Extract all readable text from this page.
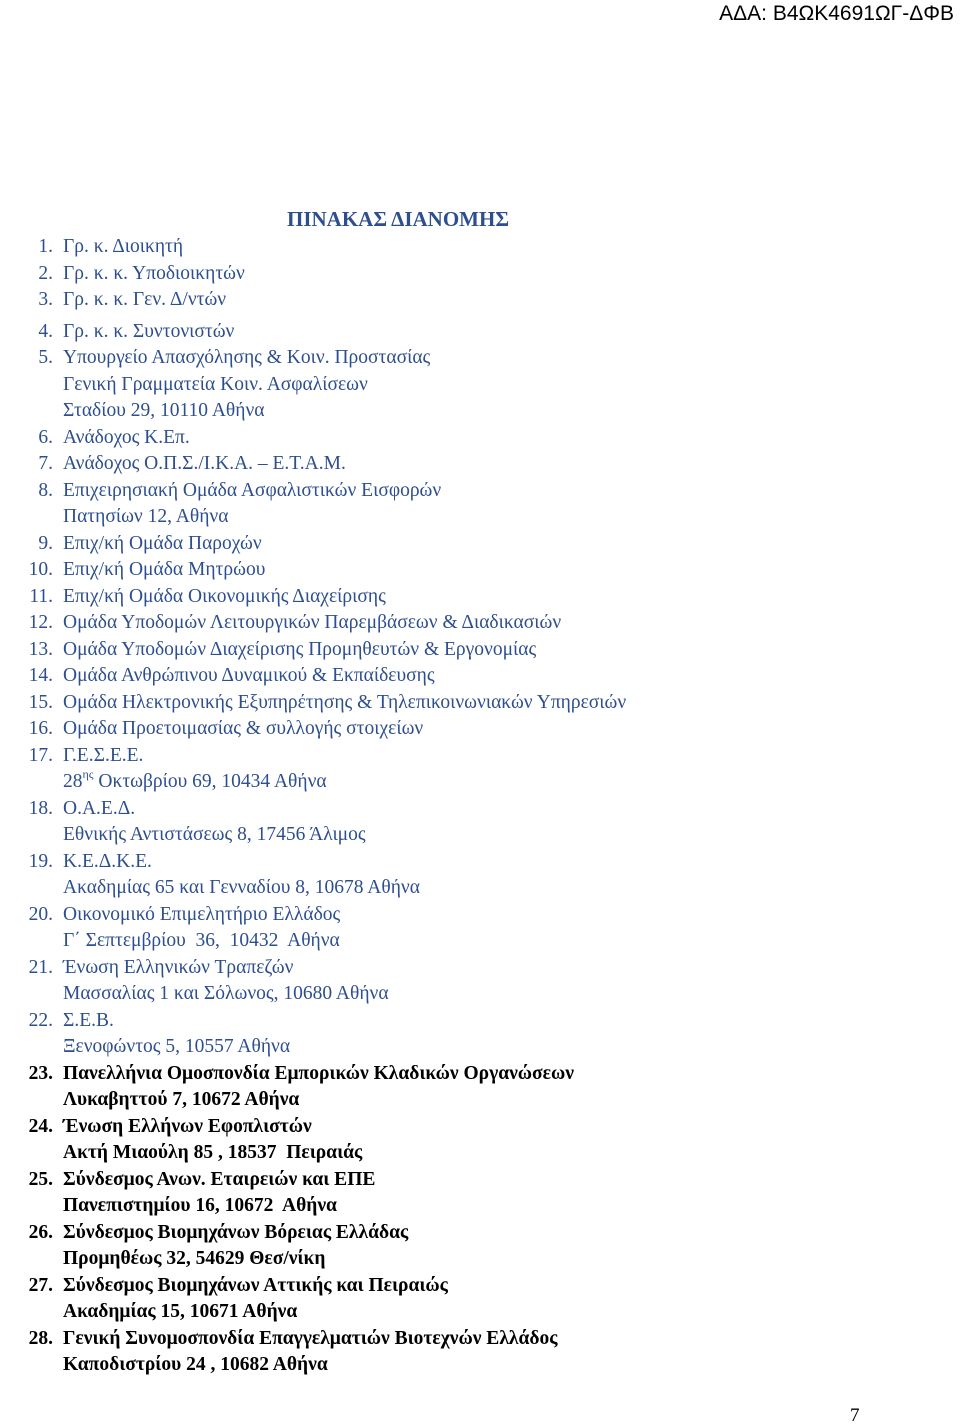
ΑΔΑ: Β4ΩΚ4691ΩΓ-ΔΦΒ
ΠΙΝΑΚΑΣ ΔΙΑΝΟΜΗΣ
1. Γρ. κ. Διοικητή
2. Γρ. κ. κ. Υποδιοικητών
3. Γρ. κ. κ. Γεν. Δ/ντών
4. Γρ. κ. κ. Συντονιστών
5. Υπουργείο Απασχόλησης & Κοιν. Προστασίας
Γενική Γραμματεία Κοιν. Ασφαλίσεων
Σταδίου 29, 10110 Αθήνα
6. Ανάδοχος Κ.Επ.
7. Ανάδοχος Ο.Π.Σ./Ι.Κ.Α. – Ε.Τ.Α.Μ.
8. Επιχειρησιακή Ομάδα Ασφαλιστικών Εισφορών
Πατησίων 12, Αθήνα
9. Επιχ/κή Ομάδα Παροχών
10. Επιχ/κή Ομάδα Μητρώου
11. Επιχ/κή Ομάδα Οικονομικής Διαχείρισης
12. Ομάδα Υποδομών Λειτουργικών Παρεμβάσεων & Διαδικασιών
13. Ομάδα Υποδομών Διαχείρισης Προμηθευτών & Εργονομίας
14. Ομάδα Ανθρώπινου Δυναμικού & Εκπαίδευσης
15. Ομάδα Ηλεκτρονικής Εξυπηρέτησης & Τηλεπικοινωνιακών Υπηρεσιών
16. Ομάδα Προετοιμασίας & συλλογής στοιχείων
17. Γ.Ε.Σ.Ε.Ε.
$28^{\eta\varsigma}$ Οκτωβρίου 69, 10434 Αθήνα
18. Ο.Α.Ε.Δ.
Εθνικής Αντιστάσεως 8, 17456 Άλιμος
19. Κ.Ε.Δ.Κ.Ε.
Ακαδημίας 65 και Γενναδίου 8, 10678 Αθήνα
20. Οικονομικό Επιμελητήριο Ελλάδος
Γ΄ Σεπτεμβρίου  36,  10432  Αθήνα
21. Ένωση Ελληνικών Τραπεζών
Μασσαλίας 1 και Σόλωνος, 10680 Αθήνα
22. Σ.Ε.Β.
Ξενοφώντος 5, 10557 Αθήνα
23. Πανελλήνια Ομοσπονδία Εμπορικών Κλαδικών Οργανώσεων
Λυκαβηττού 7, 10672 Αθήνα
24. Ένωση Ελλήνων Εφοπλιστών
Ακτή Μιαούλη 85 , 18537  Πειραιάς
25. Σύνδεσμος Ανων. Εταιρειών και ΕΠΕ
Πανεπιστημίου 16, 10672  Αθήνα
26. Σύνδεσμος Βιομηχάνων Βόρειας Ελλάδας
Προμηθέως 32, 54629 Θεσ/νίκη
27. Σύνδεσμος Βιομηχάνων Αττικής και Πειραιώς
Ακαδημίας 15, 10671 Αθήνα
28. Γενική Συνομοσπονδία Επαγγελματιών Βιοτεχνών Ελλάδος
Καποδιστρίου 24 , 10682 Αθήνα
7
